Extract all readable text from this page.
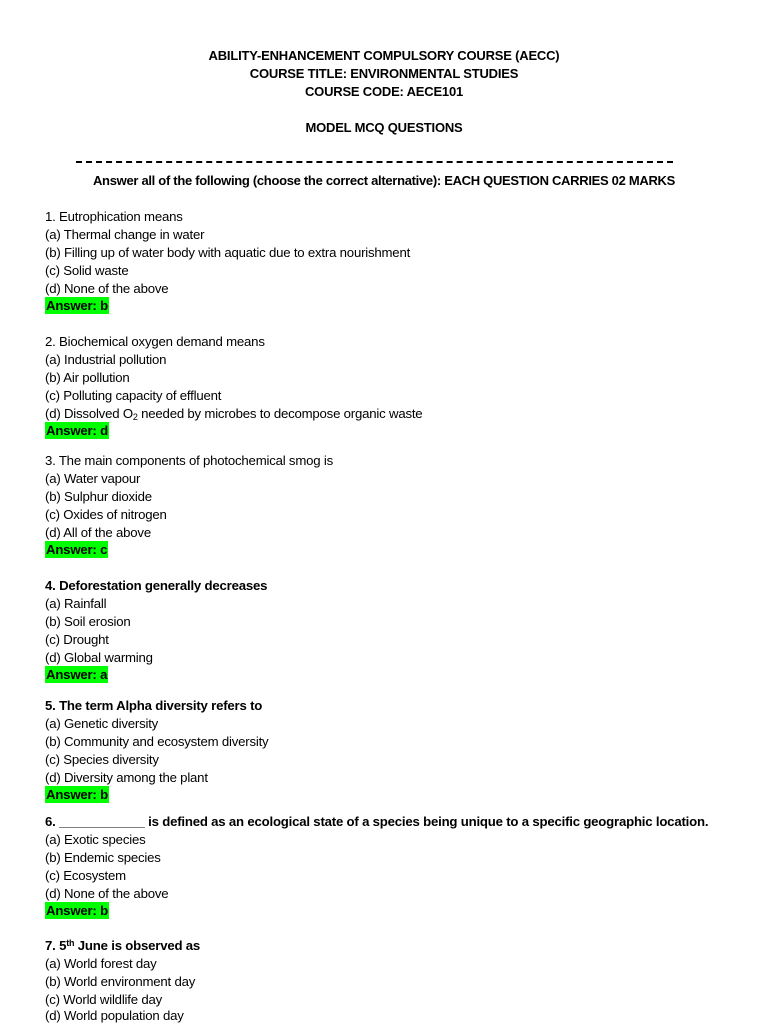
ABILITY-ENHANCEMENT COMPULSORY COURSE (AECC)
COURSE TITLE: ENVIRONMENTAL STUDIES
COURSE CODE: AECE101
MODEL MCQ QUESTIONS
Answer all of the following (choose the correct alternative): EACH QUESTION CARRIES 02 MARKS
1. Eutrophication means
(a) Thermal change in water
(b) Filling up of water body with aquatic due to extra nourishment
(c) Solid waste
(d) None of the above
Answer: b
2. Biochemical oxygen demand means
(a) Industrial pollution
(b) Air pollution
(c) Polluting capacity of effluent
(d) Dissolved $O_2$ needed by microbes to decompose organic waste
Answer: d
3. The main components of photochemical smog is
(a) Water vapour
(b) Sulphur dioxide
(c) Oxides of nitrogen
(d) All of the above
Answer: c
4. Deforestation generally decreases
(a) Rainfall
(b) Soil erosion
(c) Drought
(d) Global warming
Answer: a
5. The term Alpha diversity refers to
(a) Genetic diversity
(b) Community and ecosystem diversity
(c) Species diversity
(d) Diversity among the plant
Answer: b
6. ____________ is defined as an ecological state of a species being unique to a specific geographic location.
(a) Exotic species
(b) Endemic species
(c) Ecosystem
(d) None of the above
Answer: b
7. 5th June is observed as
(a) World forest day
(b) World environment day
(c) World wildlife day
(d) World population day
